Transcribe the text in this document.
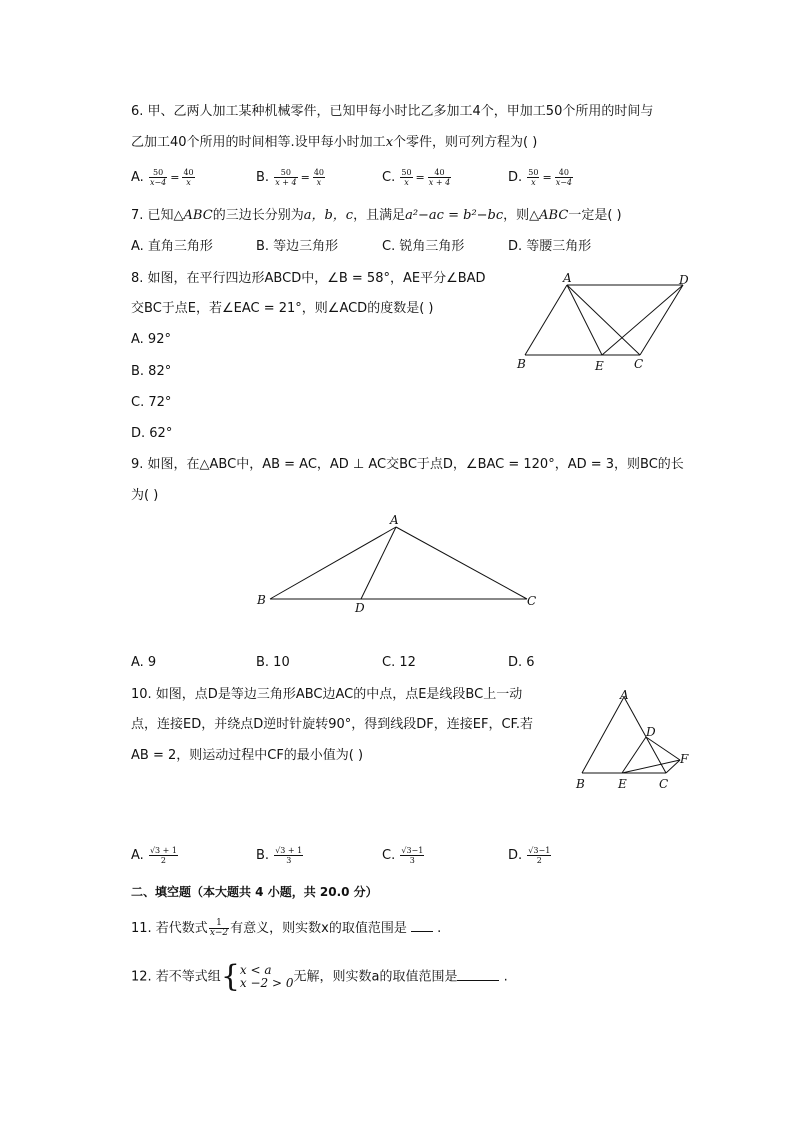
6. 甲、乙两人加工某种机械零件，已知甲每小时比乙多加工4个，甲加工50个所用的时间与
乙加工40个所用的时间相等.设甲每小时加工x个零件，则可列方程为( )
A. $\frac{50}{x-4} = \frac{40}{x}$	B. $\frac{50}{x + 4} = \frac{40}{x}$	C. $\frac{50}{x} = \frac{40}{x + 4}$	D. $\frac{50}{x} = \frac{40}{x-4}$
7. 已知△ABC的三边长分别为a，b，c，且满足a²−ac = b²−bc，则△ABC一定是( )
A. 直角三角形	B. 等边三角形	C. 锐角三角形	D. 等腰三角形
8. 如图，在平行四边形ABCD中，∠B = 58°，AE平分∠BAD
交BC于点E，若∠EAC = 21°，则∠ACD的度数是( )
A. 92°
B. 82°
C. 72°
D. 62°
A	D
B	E	C
9. 如图，在△ABC中，AB = AC，AD ⊥ AC交BC于点D，∠BAC = 120°，AD = 3，则BC的长
为( )
A
B
D	C
A. 9	B. 10	C. 12	D. 6
10. 如图，点D是等边三角形ABC边AC的中点，点E是线段BC上一动
点，连接ED，并绕点D逆时针旋转90°，得到线段DF，连接EF，CF.若
AB = 2，则运动过程中CF的最小值为( )
A
D
F
B	E	C
A. $\frac{√3 + 1}{2}$	B. $\frac{√3 + 1}{3}$	C. $\frac{√3-1}{3}$	D. $\frac{√3-1}{2}$
二、填空题（本大题共 4 小题，共 20.0 分）
11. 若代数式 $\frac{1}{x-2}$ 有意义，则实数x的取值范围是 .
12. 若不等式组{ x < a
x −2 > 0 无解，则实数a的取值范围是	.
